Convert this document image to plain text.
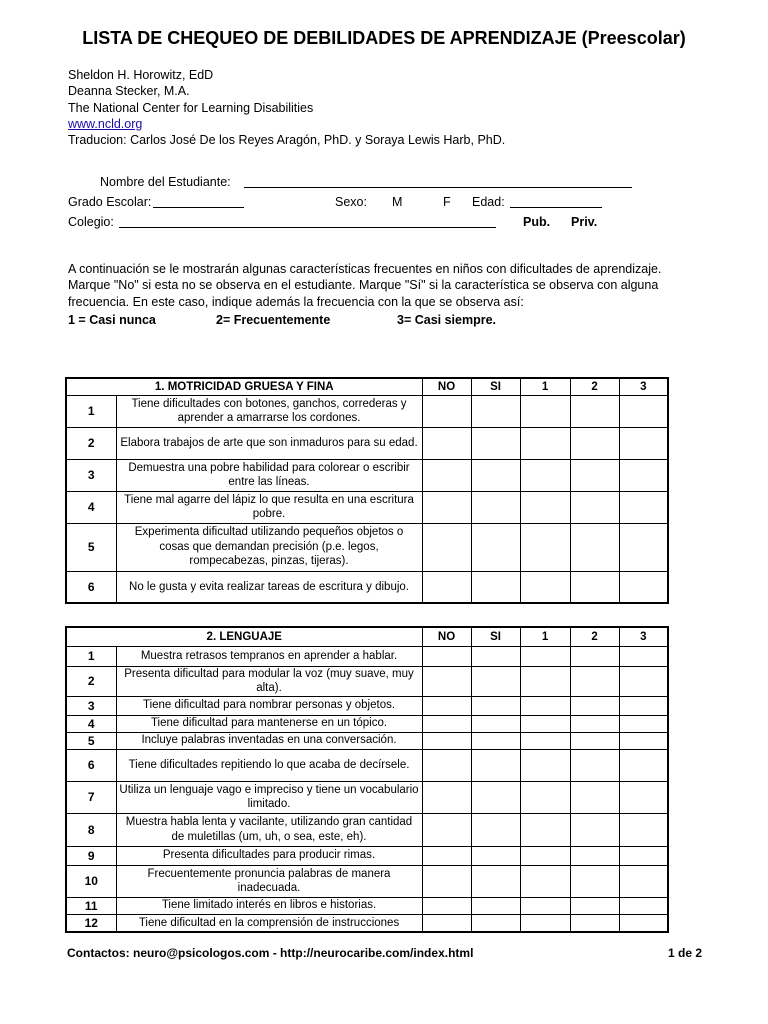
LISTA DE CHEQUEO DE DEBILIDADES DE APRENDIZAJE (Preescolar)
Sheldon H. Horowitz, EdD
Deanna Stecker, M.A.
The National Center for Learning Disabilities
www.ncld.org
Traducion: Carlos José De los Reyes Aragón, PhD. y Soraya Lewis Harb, PhD.
Nombre del Estudiante:
Grado Escolar:	Sexo: M	F Edad:
Colegio:	Pub. Priv.
A continuación se le mostrarán algunas características frecuentes en niños con dificultades de aprendizaje. Marque "No" si esta no se observa en el estudiante. Marque "Sí" si la característica se observa con alguna frecuencia. En este caso, indique además la frecuencia con la que se observa así:
1 = Casi nunca	2= Frecuentemente	3= Casi siempre.
1. MOTRICIDAD GRUESA Y FINA		NO	SI	1	2	3
1	Tiene dificultades con botones, ganchos, correderas y aprender a amarrarse los cordones.					
2	Elabora trabajos de arte que son inmaduros para su edad.					
3	Demuestra una pobre habilidad para colorear o escribir entre las líneas.					
4	Tiene mal agarre del lápiz lo que resulta en una escritura pobre.					
5	Experimenta dificultad utilizando pequeños objetos o cosas que demandan precisión (p.e. legos, rompecabezas, pinzas, tijeras).					
6	No le gusta y evita realizar tareas de escritura y dibujo.					
2. LENGUAJE		NO	SI	1	2	3
1	Muestra retrasos tempranos en aprender a hablar.					
2	Presenta dificultad para modular la voz (muy suave, muy alta).					
3	Tiene dificultad para nombrar personas y objetos.					
4	Tiene dificultad para mantenerse en un tópico.					
5	Incluye palabras inventadas en una conversación.					
6	Tiene dificultades repitiendo lo que acaba de decírsele.					
7	Utiliza un lenguaje vago e impreciso y tiene un vocabulario limitado.					
8	Muestra habla lenta y vacilante, utilizando gran cantidad de muletillas (um, uh, o sea, este, eh).					
9	Presenta dificultades para producir rimas.					
10	Frecuentemente pronuncia palabras de manera inadecuada.					
11	Tiene limitado interés en libros e historias.					
12	Tiene dificultad en la comprensión de instrucciones					
Contactos: neuro@psicologos.com - http://neurocaribe.com/index.html	1 de 2
